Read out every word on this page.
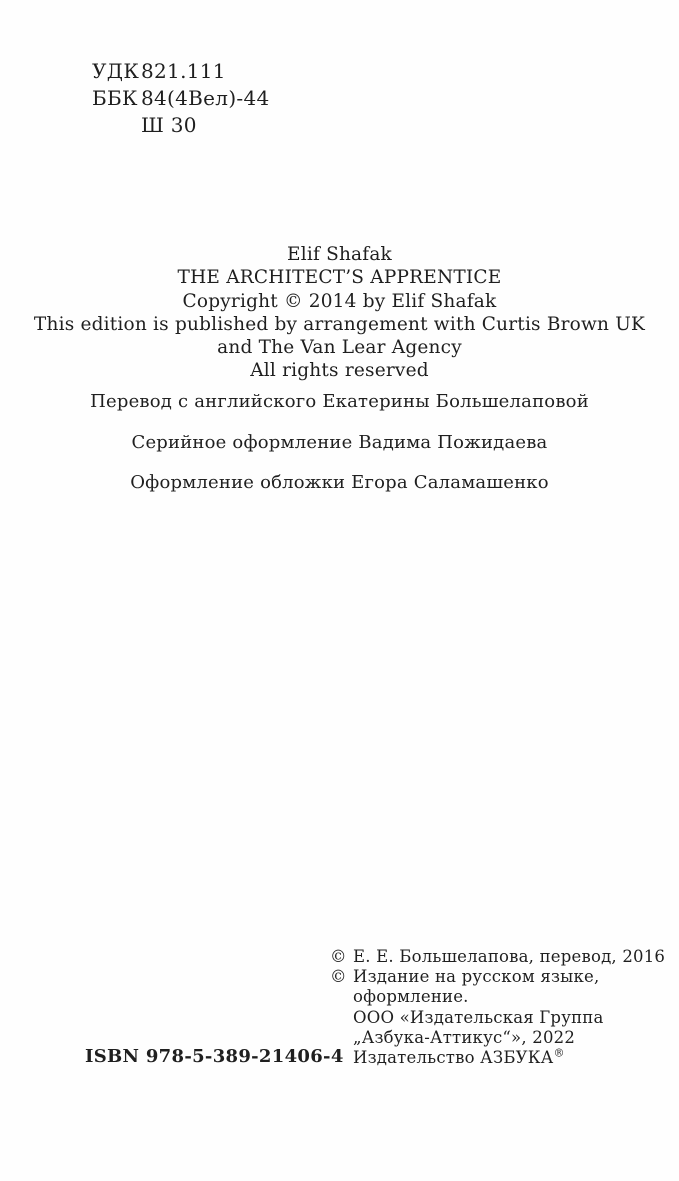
УДК821.111
ББК 84(4Вел)-44
Ш 30
Elif Shafak
THE ARCHITECT’S APPRENTICE
Copyright © 2014 by Elif Shafak
This edition is published by arrangement with Curtis Brown UK
and The Van Lear Agency
All rights reserved
Перевод с английского Екатерины Большелаповой
Серийное оформление Вадима Пожидаева
Оформление обложки Егора Саламашенко
© Е. Е. Большелапова, перевод, 2016
© Издание на русском языке,
оформление.
ООО «Издательская Группа
„Азбука-Аттикус“», 2022
Издательство АЗБУКА®
ISBN 978-5-389-21406-4
